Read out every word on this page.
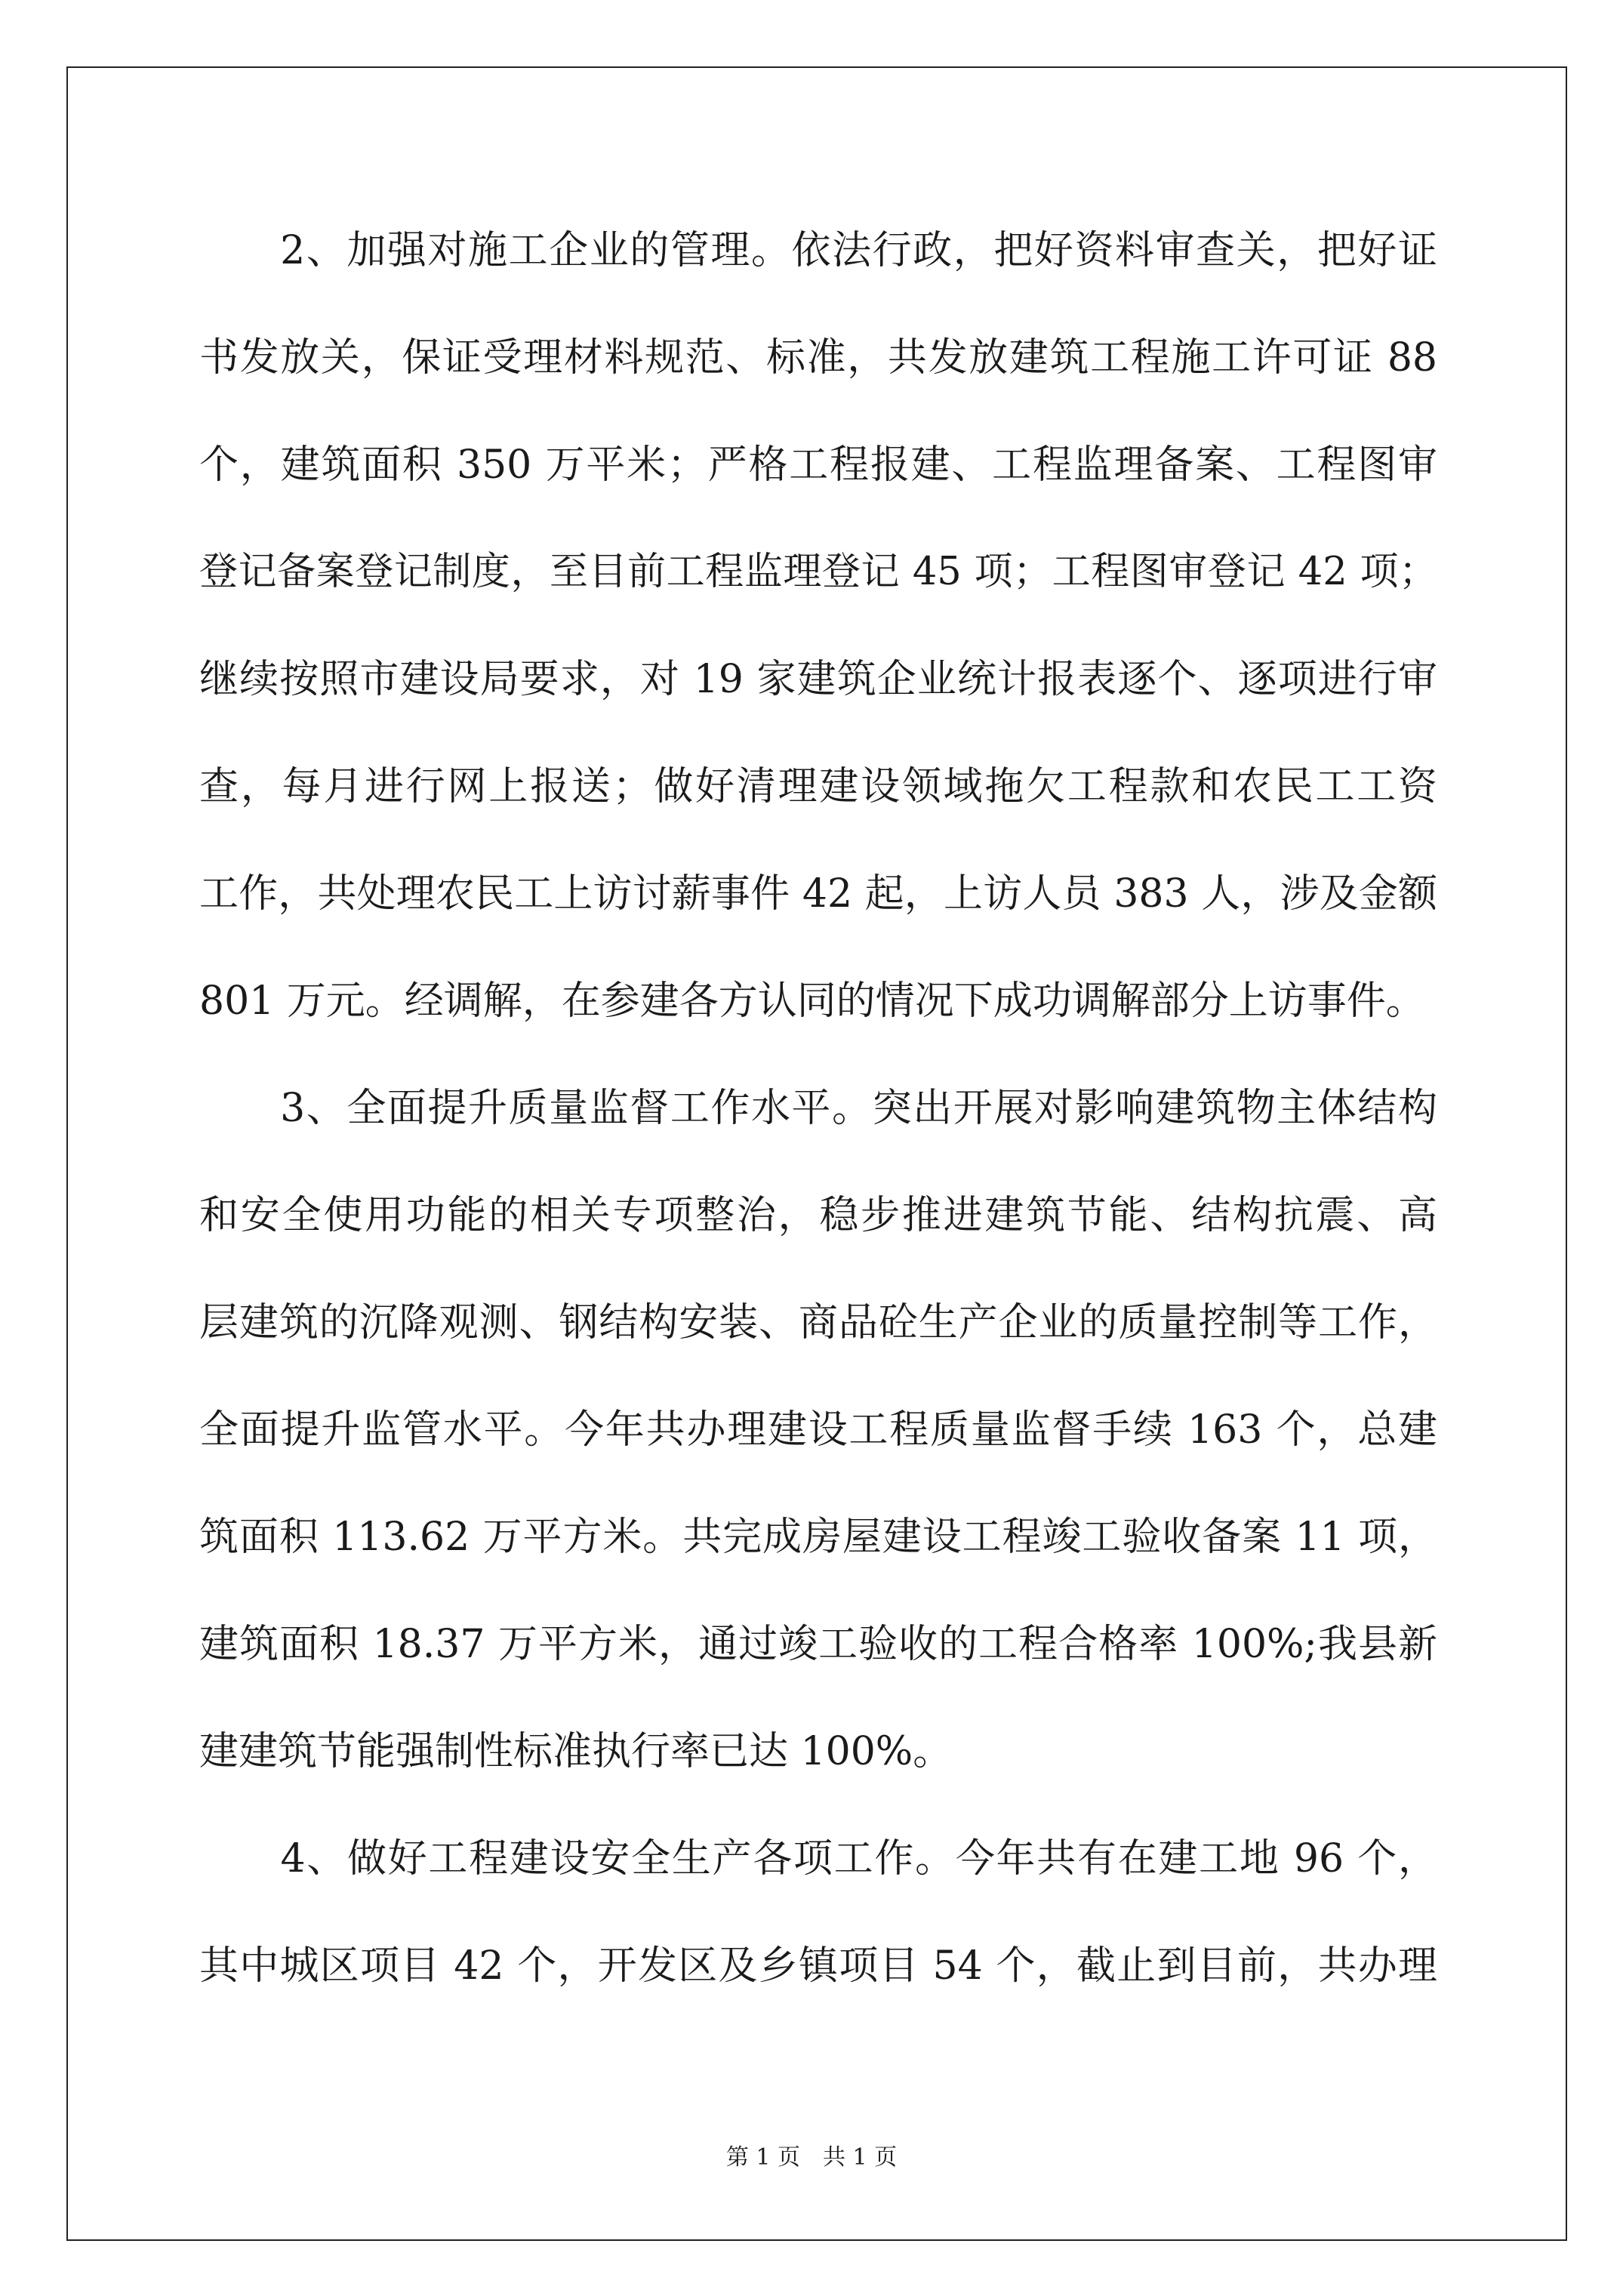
　　2、加强对施工企业的管理。依法行政，把好资料审查关，把好证
书发放关，保证受理材料规范、标准，共发放建筑工程施工许可证 88
个，建筑面积 350 万平米；严格工程报建、工程监理备案、工程图审
登记备案登记制度，至目前工程监理登记 45 项；工程图审登记 42 项；
继续按照市建设局要求，对 19 家建筑企业统计报表逐个、逐项进行审
查，每月进行网上报送；做好清理建设领域拖欠工程款和农民工工资
工作，共处理农民工上访讨薪事件 42 起，上访人员 383 人，涉及金额
801 万元。经调解，在参建各方认同的情况下成功调解部分上访事件。
　　3、全面提升质量监督工作水平。突出开展对影响建筑物主体结构
和安全使用功能的相关专项整治，稳步推进建筑节能、结构抗震、高
层建筑的沉降观测、钢结构安装、商品砼生产企业的质量控制等工作，
全面提升监管水平。今年共办理建设工程质量监督手续 163 个，总建
筑面积 113.62 万平方米。共完成房屋建设工程竣工验收备案 11 项，
建筑面积 18.37 万平方米，通过竣工验收的工程合格率 100%;我县新
建建筑节能强制性标准执行率已达 100%。
　　4、做好工程建设安全生产各项工作。今年共有在建工地 96 个，
其中城区项目 42 个，开发区及乡镇项目 54 个，截止到目前，共办理
第 1 页　共 1 页
